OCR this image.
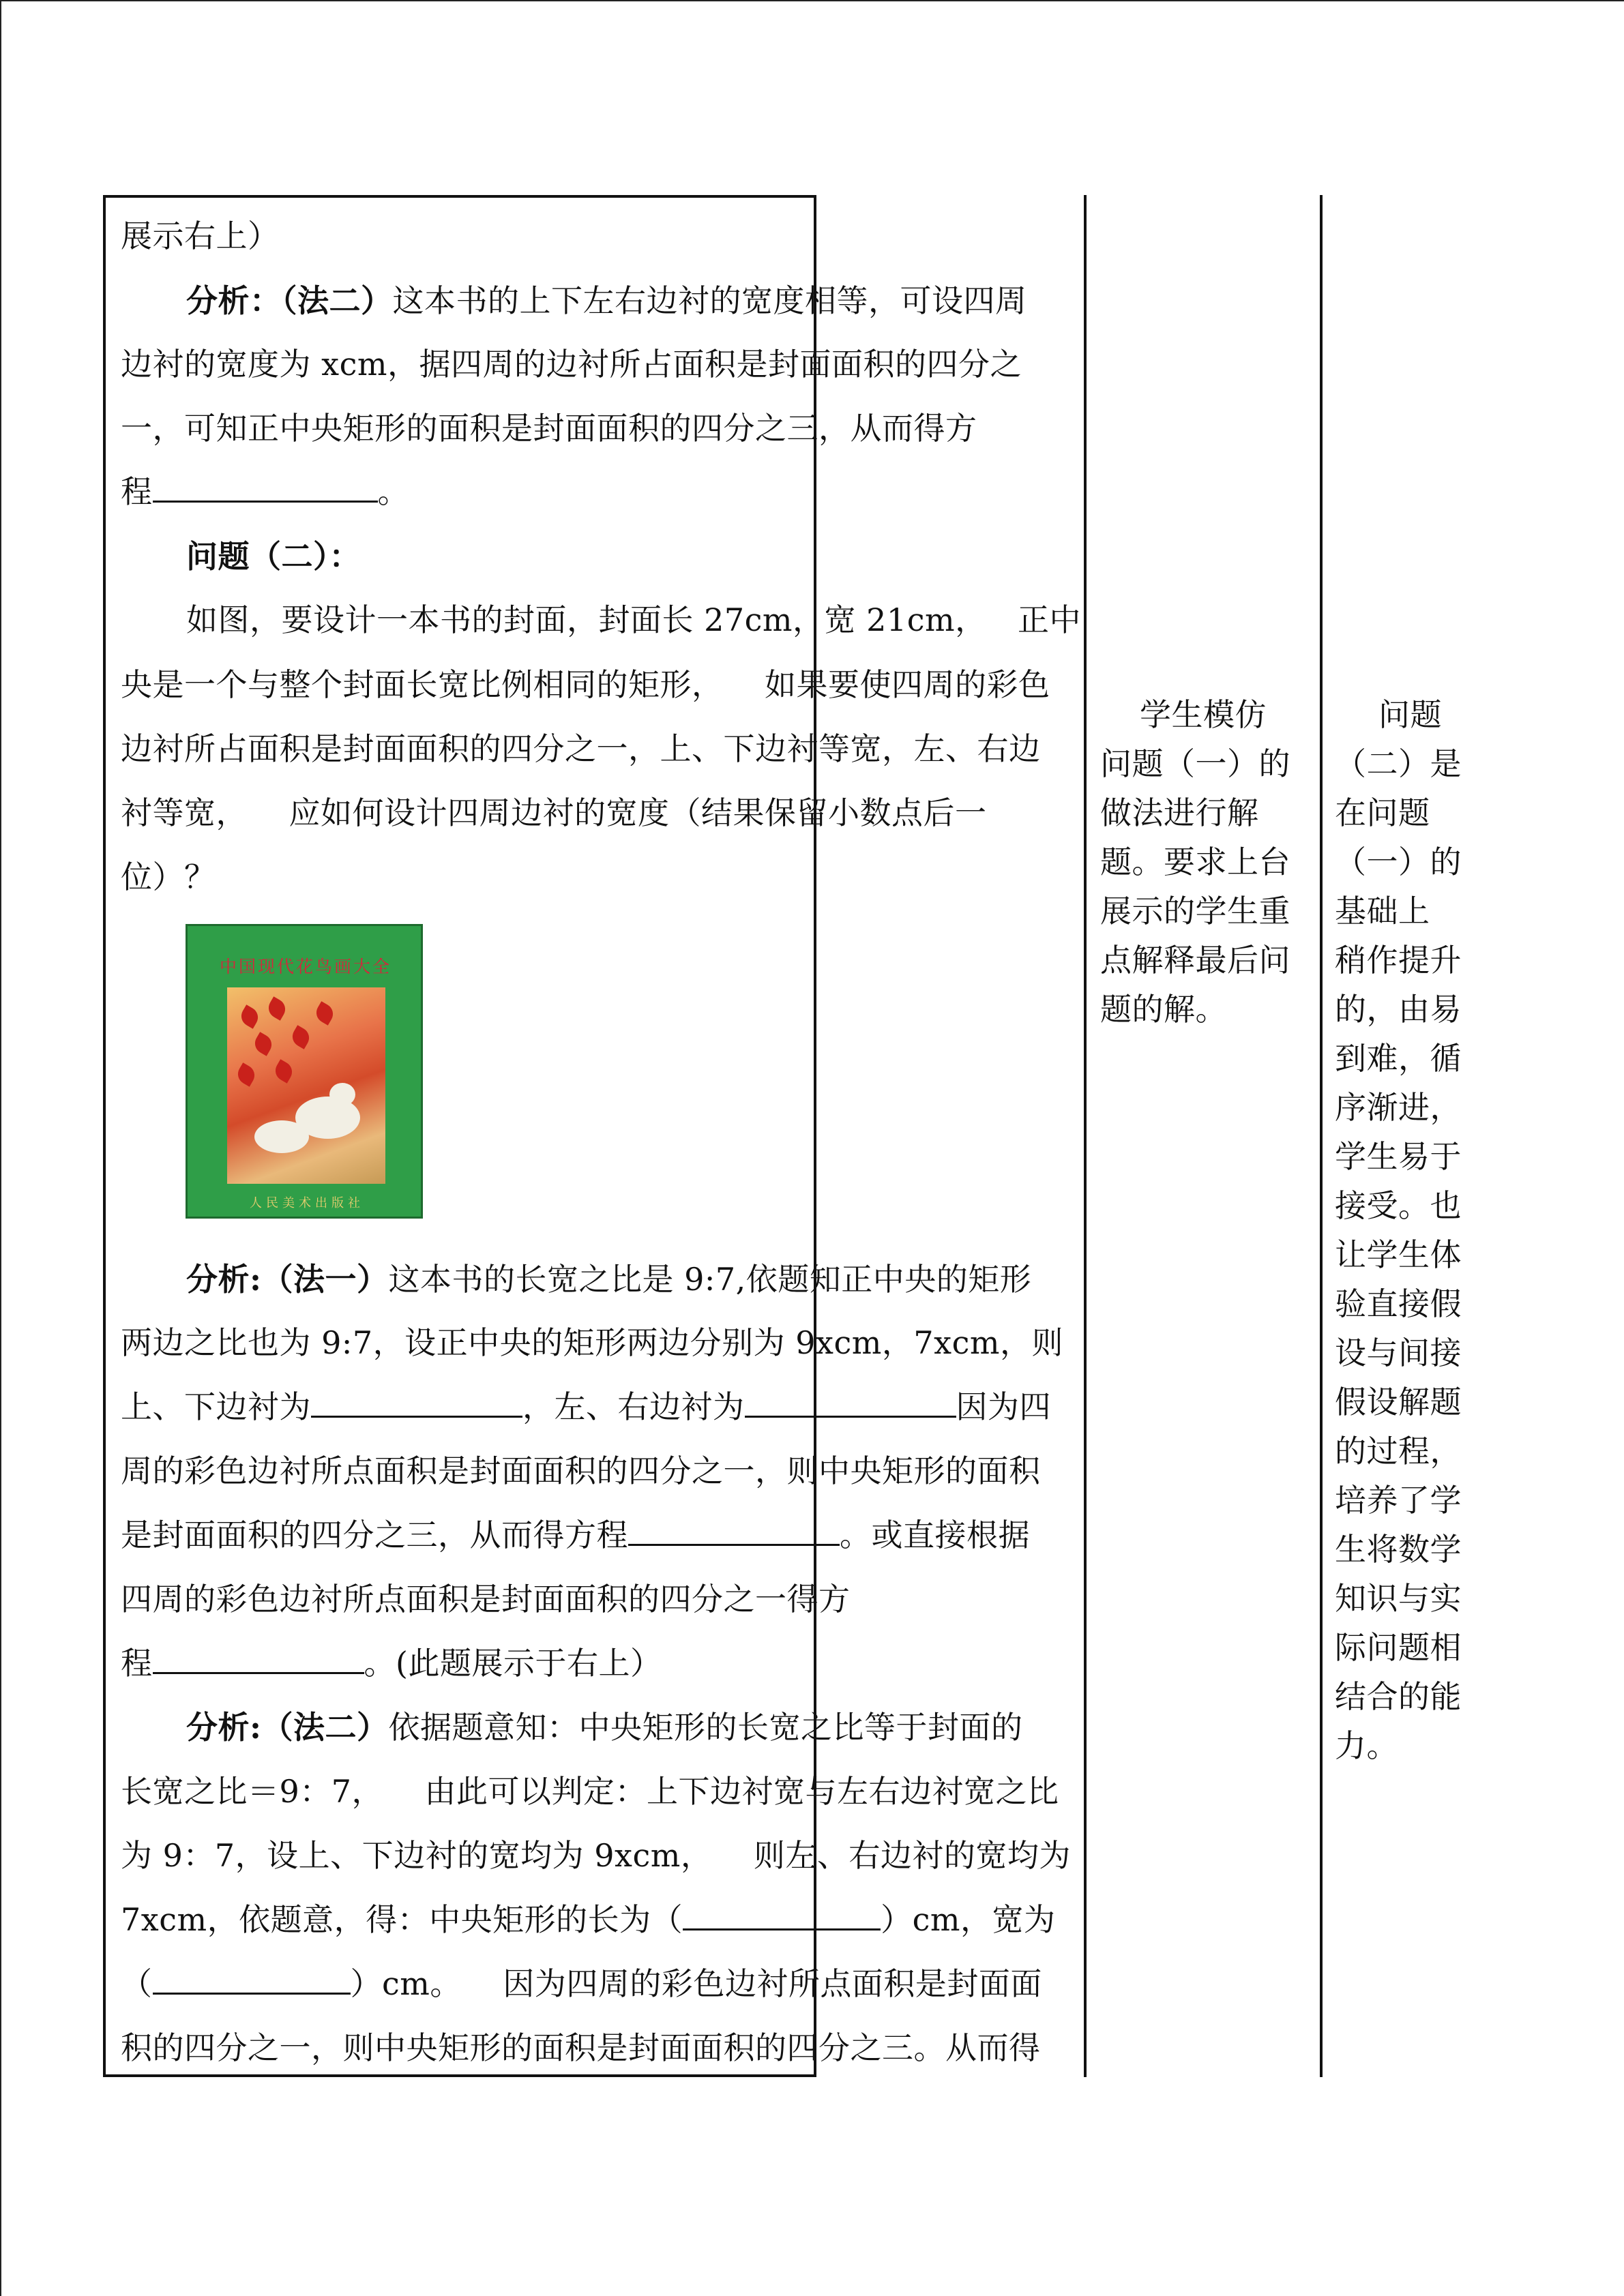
展示右上）
分析：（法二）这本书的上下左右边衬的宽度相等，可设四周
边衬的宽度为 xcm，据四周的边衬所占面积是封面面积的四分之
一，可知正中央矩形的面积是封面面积的四分之三，从而得方
程	。
问题（二）：
如图，要设计一本书的封面，封面长 27cm，宽 21cm，   正中
央是一个与整个封面长宽比例相同的矩形，    如果要使四周的彩色
边衬所占面积是封面面积的四分之一，上、下边衬等宽，左、右边
衬等宽，    应如何设计四周边衬的宽度（结果保留小数点后一
位）？
分析:（法一）这本书的长宽之比是 9:7,依题知正中央的矩形
两边之比也为 9:7，设正中央的矩形两边分别为 9xcm，7xcm，则
上、下边衬为	，左、右边衬为	因为四
周的彩色边衬所点面积是封面面积的四分之一，则中央矩形的面积
是封面面积的四分之三，从而得方程	。或直接根据
四周的彩色边衬所点面积是封面面积的四分之一得方
程	。(此题展示于右上）
分析:（法二）依据题意知：中央矩形的长宽之比等于封面的
长宽之比＝9：7，    由此可以判定：上下边衬宽与左右边衬宽之比
为 9：7，设上、下边衬的宽均为 9xcm，    则左、右边衬的宽均为
7xcm，依题意，得：中央矩形的长为（	）cm，宽为
（	）cm。    因为四周的彩色边衬所点面积是封面面
积的四分之一，则中央矩形的面积是封面面积的四分之三。从而得
中国现代花鸟画大全
人民美术出版社
学生模仿
问题（一）的
做法进行解
题。要求上台
展示的学生重
点解释最后问
题的解。
问题
（二）是
在问题
（一）的
基础上
稍作提升
的，由易
到难，循
序渐进，
学生易于
接受。也
让学生体
验直接假
设与间接
假设解题
的过程，
培养了学
生将数学
知识与实
际问题相
结合的能
力。
